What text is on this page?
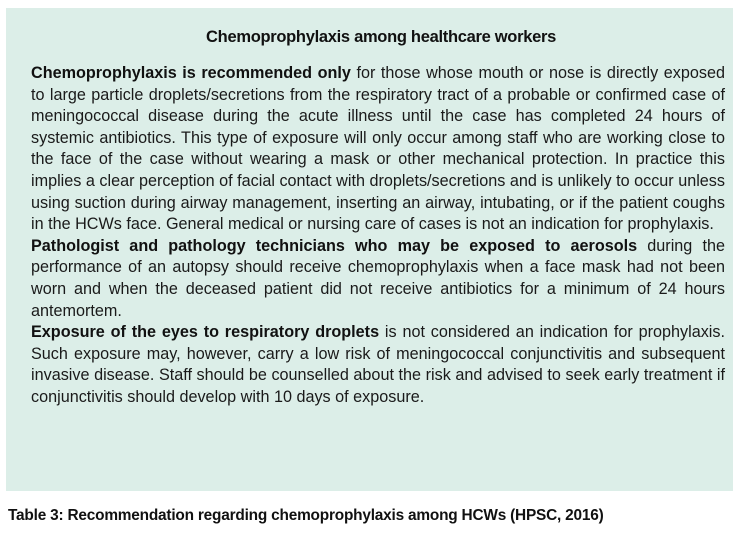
Chemoprophylaxis among healthcare workers

Chemoprophylaxis is recommended only for those whose mouth or nose is directly exposed to large particle droplets/secretions from the respiratory tract of a probable or confirmed case of meningococcal disease during the acute illness until the case has completed 24 hours of systemic antibiotics. This type of exposure will only occur among staff who are working close to the face of the case without wearing a mask or other mechanical protection. In practice this implies a clear perception of facial contact with droplets/secretions and is unlikely to occur unless using suction during airway management, inserting an airway, intubating, or if the patient coughs in the HCWs face. General medical or nursing care of cases is not an indication for prophylaxis.

Pathologist and pathology technicians who may be exposed to aerosols during the performance of an autopsy should receive chemoprophylaxis when a face mask had not been worn and when the deceased patient did not receive antibiotics for a minimum of 24 hours antemortem.

Exposure of the eyes to respiratory droplets is not considered an indication for prophylaxis. Such exposure may, however, carry a low risk of meningococcal conjunctivitis and subsequent invasive disease. Staff should be counselled about the risk and advised to seek early treatment if conjunctivitis should develop with 10 days of exposure.

Table 3: Recommendation regarding chemoprophylaxis among HCWs (HPSC, 2016)
